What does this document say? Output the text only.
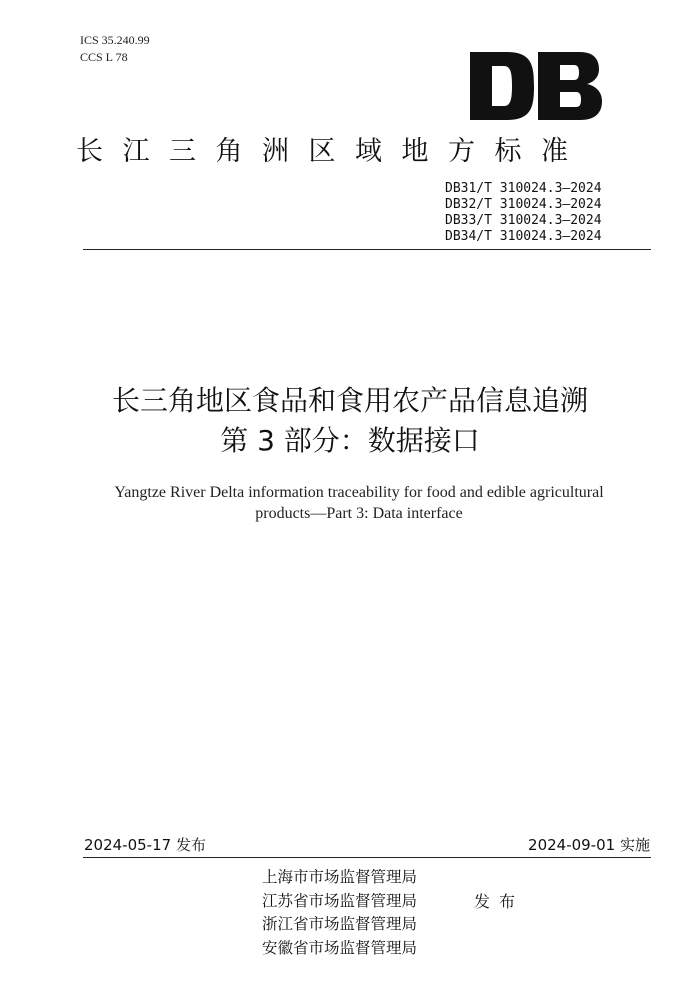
ICS 35.240.99
CCS L 78
长江三角洲区域地方标准
DB31/T 310024.3—2024
DB32/T 310024.3—2024
DB33/T 310024.3—2024
DB34/T 310024.3—2024
长三角地区食品和食用农产品信息追溯
第 3 部分：数据接口
Yangtze River Delta information traceability for food and edible agricultural products—Part 3: Data interface
2024-05-17 发布	2024-09-01 实施
上海市市场监督管理局
江苏省市场监督管理局
浙江省市场监督管理局
安徽省市场监督管理局
发布
